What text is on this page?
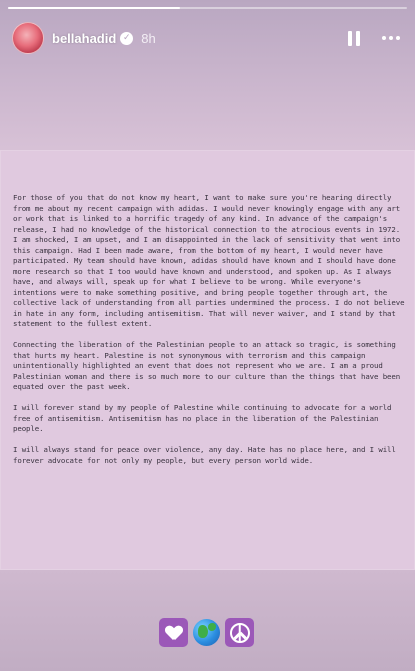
bellahadid ✓ 8h

For those of you that do not know my heart, I want to make sure you're hearing directly from me about my recent campaign with adidas. I would never knowingly engage with any art or work that is linked to a horrific tragedy of any kind. In advance of the campaign's release, I had no knowledge of the historical connection to the atrocious events in 1972. I am shocked, I am upset, and I am disappointed in the lack of sensitivity that went into this campaign. Had I been made aware, from the bottom of my heart, I would never have participated. My team should have known, adidas should have known and I should have done more research so that I too would have known and understood, and spoken up. As I always have, and always will, speak up for what I believe to be wrong. While everyone's intentions were to make something positive, and bring people together through art, the collective lack of understanding from all parties undermined the process. I do not believe in hate in any form, including antisemitism. That will never waiver, and I stand by that statement to the fullest extent.

Connecting the liberation of the Palestinian people to an attack so tragic, is something that hurts my heart. Palestine is not synonymous with terrorism and this campaign unintentionally highlighted an event that does not represent who we are. I am a proud Palestinian woman and there is so much more to our culture than the things that have been equated over the past week.

I will forever stand by my people of Palestine while continuing to advocate for a world free of antisemitism. Antisemitism has no place in the liberation of the Palestinian people.

I will always stand for peace over violence, any day. Hate has no place here, and I will forever advocate for not only my people, but every person world wide.
